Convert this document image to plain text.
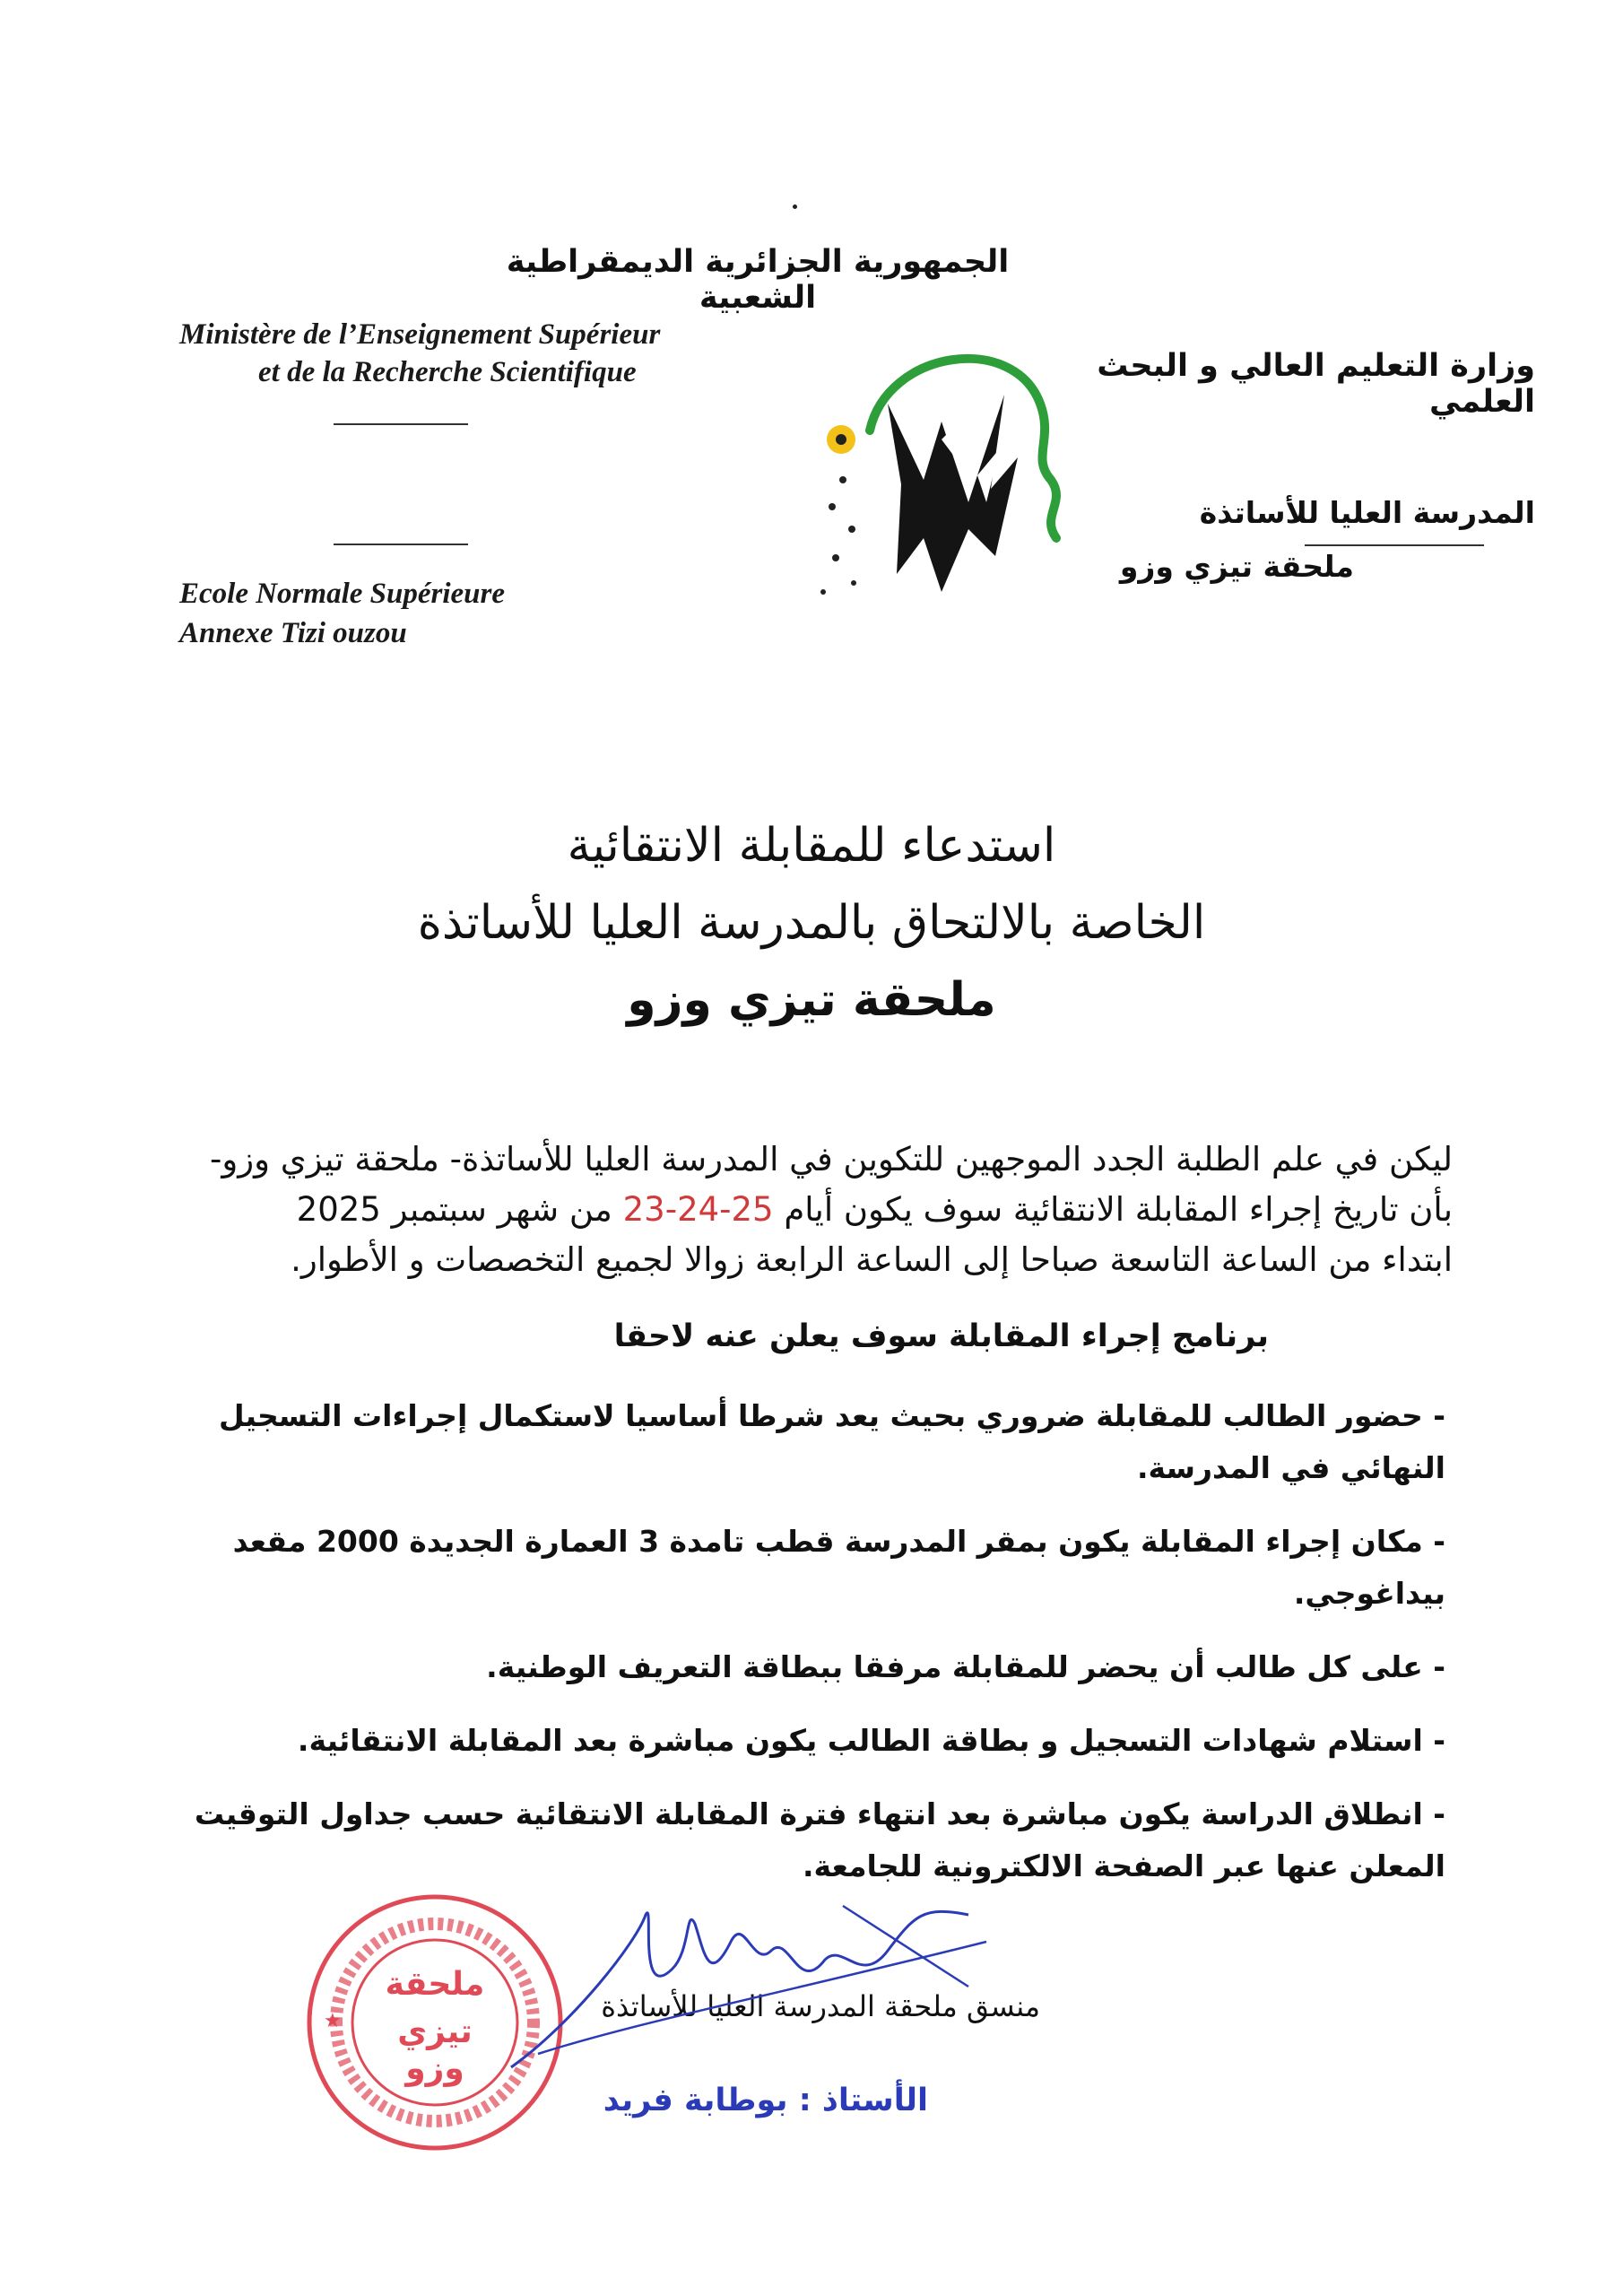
الجمهورية الجزائرية الديمقراطية الشعبية
Ministère de l’Enseignement Supérieur
et de la Recherche Scientifique
Ecole Normale Supérieure
Annexe Tizi ouzou
وزارة التعليم العالي و البحث العلمي
المدرسة العليا للأساتذة
ملحقة تيزي وزو
استدعاء للمقابلة الانتقائية
الخاصة بالالتحاق بالمدرسة العليا للأساتذة
ملحقة تيزي وزو
ليكن في علم الطلبة الجدد الموجهين للتكوين في المدرسة العليا للأساتذة- ملحقة تيزي وزو-
بأن تاريخ إجراء المقابلة الانتقائية سوف يكون أيام 23-24-25 من شهر سبتمبر 2025
ابتداء من الساعة التاسعة صباحا إلى الساعة الرابعة زوالا لجميع التخصصات و الأطوار.
برنامج إجراء المقابلة سوف يعلن عنه لاحقا
- حضور الطالب للمقابلة ضروري بحيث يعد شرطا أساسيا لاستكمال إجراءات التسجيل النهائي في المدرسة.
- مكان إجراء المقابلة يكون بمقر المدرسة قطب تامدة 3 العمارة الجديدة 2000 مقعد بيداغوجي.
- على كل طالب أن يحضر للمقابلة مرفقا ببطاقة التعريف الوطنية.
- استلام شهادات التسجيل و بطاقة الطالب يكون مباشرة بعد المقابلة الانتقائية.
- انطلاق الدراسة يكون مباشرة بعد انتهاء فترة المقابلة الانتقائية حسب جداول التوقيت المعلن عنها عبر الصفحة الالكترونية للجامعة.
★
ملحقة
تيزي وزو
منسق ملحقة المدرسة العليا للأساتذة
الأستاذ : بوطابة فريد
